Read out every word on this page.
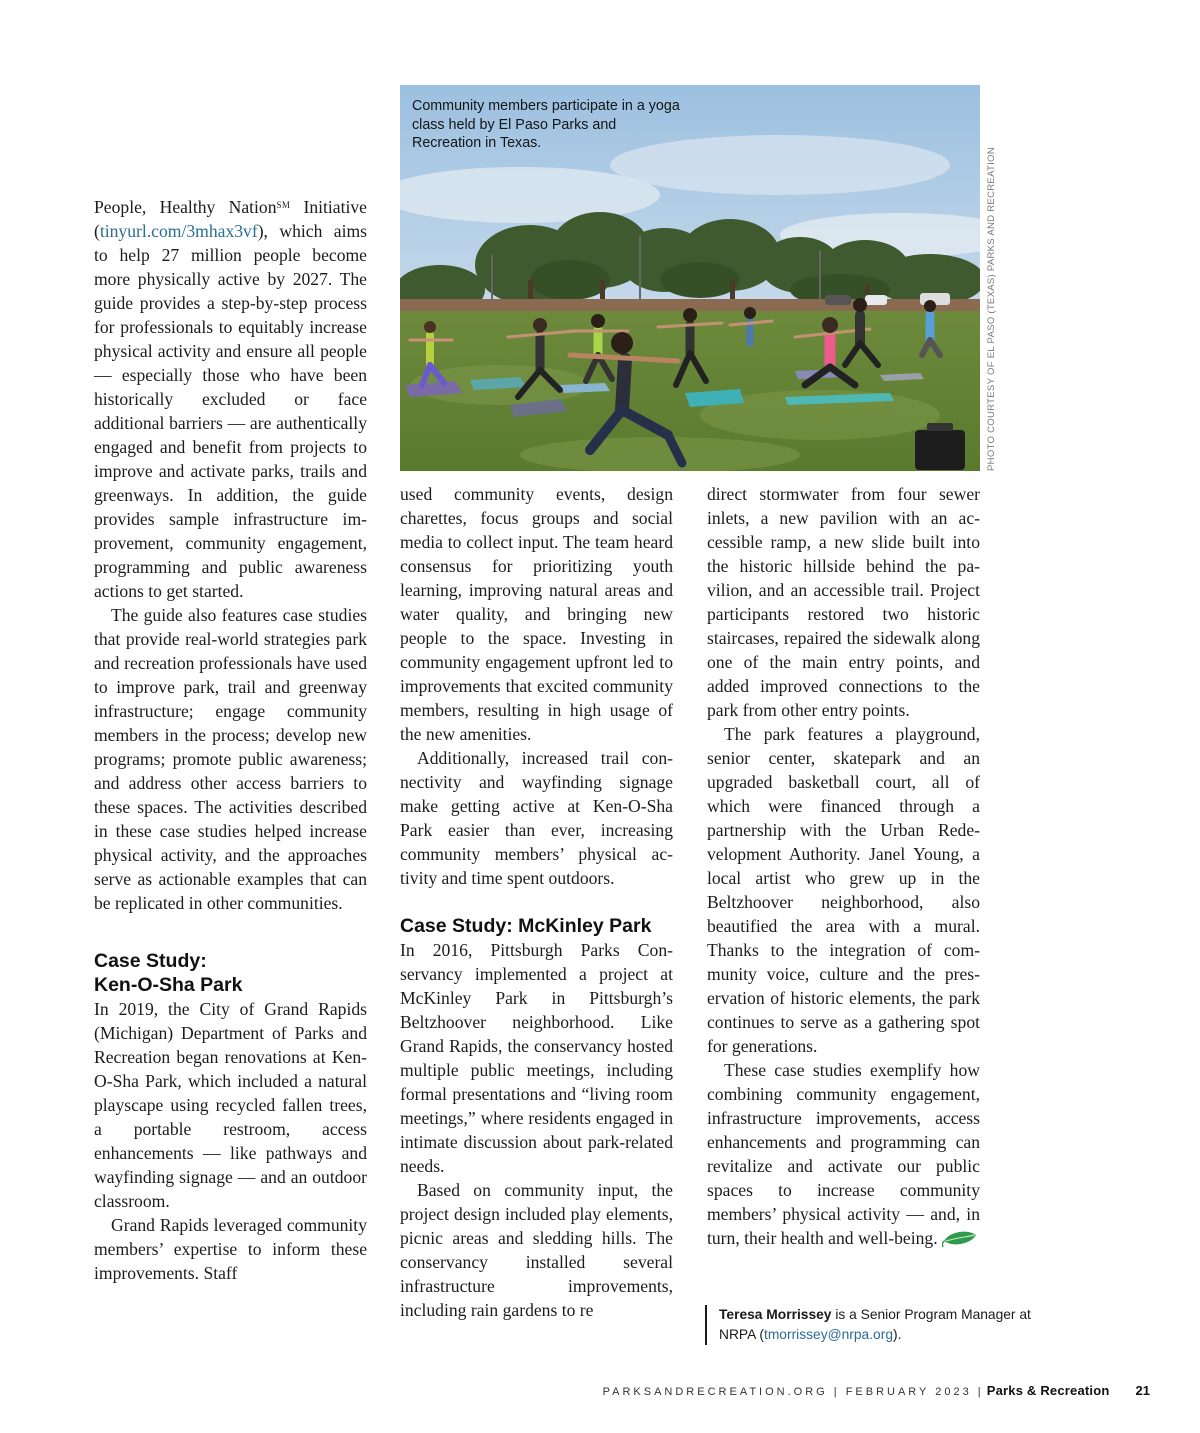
Community members participate in a yoga class held by El Paso Parks and Recreation in Texas.
PHOTO COURTESY OF EL PASO (TEXAS) PARKS AND RECREATION

People, Healthy Nation℠ Initiative (tinyurl.com/3mhax3vf), which aims to help 27 million people become more physically active by 2027. The guide provides a step-by-step process for professionals to equitably increase physical activity and ensure all people — especially those who have been historically excluded or face additional barriers — are authentically engaged and benefit from projects to improve and activate parks, trails and greenways. In addition, the guide provides sample infrastructure improvement, community engagement, programming and public awareness actions to get started.

The guide also features case studies that provide real-world strategies park and recreation professionals have used to improve park, trail and greenway infrastructure; engage community members in the process; develop new programs; promote public awareness; and address other access barriers to these spaces. The activities described in these case studies helped increase physical activity, and the approaches serve as actionable examples that can be replicated in other communities.

Case Study:
Ken-O-Sha Park

In 2019, the City of Grand Rapids (Michigan) Department of Parks and Recreation began renovations at Ken-O-Sha Park, which included a natural playscape using recycled fallen trees, a portable restroom, access enhancements — like pathways and wayfinding signage — and an outdoor classroom.

Grand Rapids leveraged community members’ expertise to inform these improvements. Staff

used community events, design charettes, focus groups and social media to collect input. The team heard consensus for prioritizing youth learning, improving natural areas and water quality, and bringing new people to the space. Investing in community engagement upfront led to improvements that excited community members, resulting in high usage of the new amenities.

Additionally, increased trail connectivity and wayfinding signage make getting active at Ken-O-Sha Park easier than ever, increasing community members’ physical activity and time spent outdoors.

Case Study: McKinley Park

In 2016, Pittsburgh Parks Conservancy implemented a project at McKinley Park in Pittsburgh’s Beltzhoover neighborhood. Like Grand Rapids, the conservancy hosted multiple public meetings, including formal presentations and “living room meetings,” where residents engaged in intimate discussion about park-related needs.

Based on community input, the project design included play elements, picnic areas and sledding hills. The conservancy installed several infrastructure improvements, including rain gardens to re

direct stormwater from four sewer inlets, a new pavilion with an accessible ramp, a new slide built into the historic hillside behind the pavilion, and an accessible trail. Project participants restored two historic staircases, repaired the sidewalk along one of the main entry points, and added improved connections to the park from other entry points.

The park features a playground, senior center, skatepark and an upgraded basketball court, all of which were financed through a partnership with the Urban Redevelopment Authority. Janel Young, a local artist who grew up in the Beltzhoover neighborhood, also beautified the area with a mural. Thanks to the integration of community voice, culture and the preservation of historic elements, the park continues to serve as a gathering spot for generations.

These case studies exemplify how combining community engagement, infrastructure improvements, access enhancements and programming can revitalize and activate our public spaces to increase community members’ physical activity — and, in turn, their health and well-being.

Teresa Morrissey is a Senior Program Manager at NRPA (tmorrissey@nrpa.org).
PARKSANDRECREATION.ORG | FEBRUARY 2023 | Parks & Recreation 21
